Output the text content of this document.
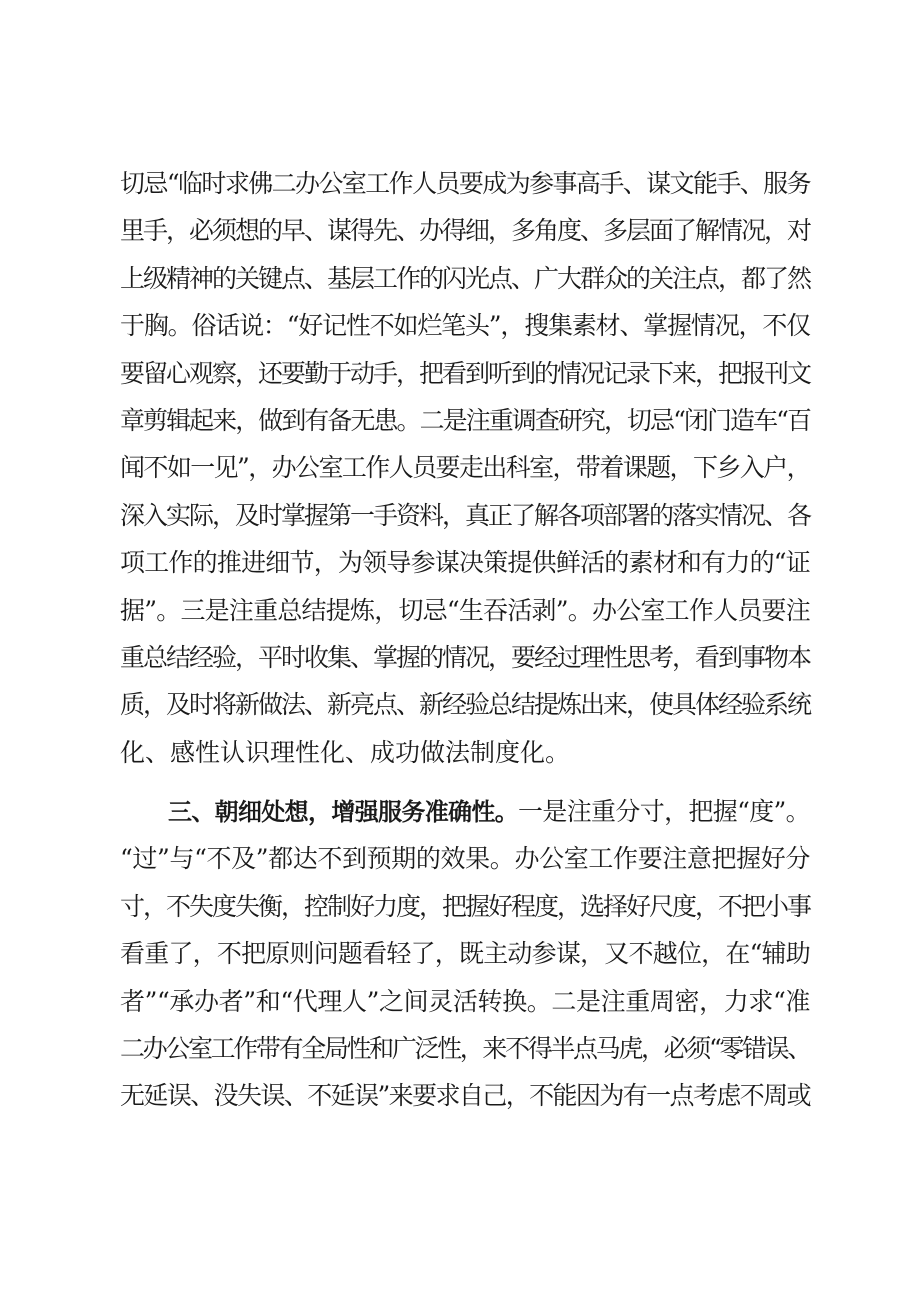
切忌“临时求佛二办公室工作人员要成为参事高手、谋文能手、服务
里手，必须想的早、谋得先、办得细，多角度、多层面了解情况，对
上级精神的关键点、基层工作的闪光点、广大群众的关注点，都了然
于胸。俗话说：“好记性不如烂笔头”，搜集素材、掌握情况，不仅
要留心观察，还要勤于动手，把看到听到的情况记录下来，把报刊文
章剪辑起来，做到有备无患。二是注重调查研究，切忌“闭门造车“百
闻不如一见”，办公室工作人员要走出科室，带着课题，下乡入户，
深入实际，及时掌握第一手资料，真正了解各项部署的落实情况、各
项工作的推进细节，为领导参谋决策提供鲜活的素材和有力的“证
据”。三是注重总结提炼，切忌“生吞活剥”。办公室工作人员要注
重总结经验，平时收集、掌握的情况，要经过理性思考，看到事物本
质，及时将新做法、新亮点、新经验总结提炼出来，使具体经验系统
化、感性认识理性化、成功做法制度化。
三、朝细处想，增强服务准确性。一是注重分寸，把握“度”。
“过”与“不及”都达不到预期的效果。办公室工作要注意把握好分
寸，不失度失衡，控制好力度，把握好程度，选择好尺度，不把小事
看重了，不把原则问题看轻了，既主动参谋，又不越位，在“辅助
者”“承办者”和“代理人”之间灵活转换。二是注重周密，力求“准
二办公室工作带有全局性和广泛性，来不得半点马虎，必须“零错误、
无延误、没失误、不延误”来要求自己，不能因为有一点考虑不周或
